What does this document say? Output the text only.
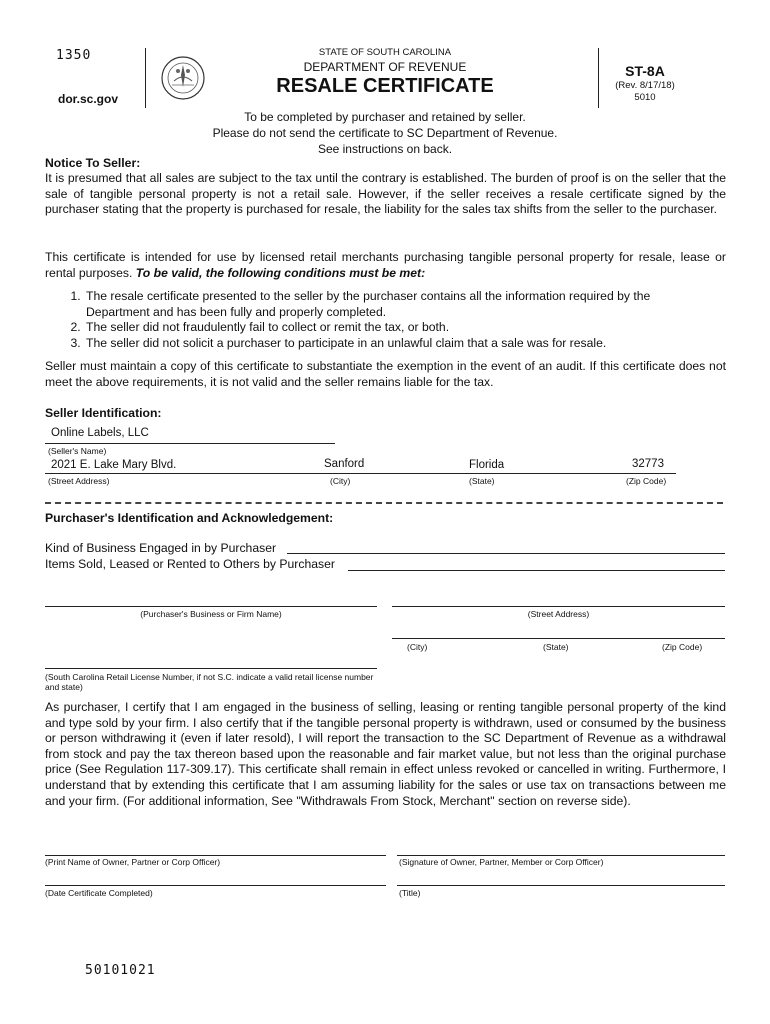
1350
dor.sc.gov
STATE OF SOUTH CAROLINA
DEPARTMENT OF REVENUE
RESALE CERTIFICATE
ST-8A
(Rev. 8/17/18)
5010
To be completed by purchaser and retained by seller.
Please do not send the certificate to SC Department of Revenue.
See instructions on back.
Notice To Seller:
It is presumed that all sales are subject to the tax until the contrary is established. The burden of proof is on the seller that the sale of tangible personal property is not a retail sale. However, if the seller receives a resale certificate signed by the purchaser stating that the property is purchased for resale, the liability for the sales tax shifts from the seller to the purchaser.
This certificate is intended for use by licensed retail merchants purchasing tangible personal property for resale, lease or rental purposes. To be valid, the following conditions must be met:
1. The resale certificate presented to the seller by the purchaser contains all the information required by the Department and has been fully and properly completed.
2. The seller did not fraudulently fail to collect or remit the tax, or both.
3. The seller did not solicit a purchaser to participate in an unlawful claim that a sale was for resale.
Seller must maintain a copy of this certificate to substantiate the exemption in the event of an audit. If this certificate does not meet the above requirements, it is not valid and the seller remains liable for the tax.
Seller Identification:
Online Labels, LLC
(Seller's Name)
2021 E. Lake Mary Blvd.	Sanford	Florida	32773
(Street Address)	(City)	(State)	(Zip Code)
Purchaser's Identification and Acknowledgement:
Kind of Business Engaged in by Purchaser
Items Sold, Leased or Rented to Others by Purchaser
(Purchaser's Business or Firm Name)	(Street Address)
(City)	(State)	(Zip Code)
(South Carolina Retail License Number, if not S.C. indicate a valid retail license number and state)
As purchaser, I certify that I am engaged in the business of selling, leasing or renting tangible personal property of the kind and type sold by your firm. I also certify that if the tangible personal property is withdrawn, used or consumed by the business or person withdrawing it (even if later resold), I will report the transaction to the SC Department of Revenue as a withdrawal from stock and pay the tax thereon based upon the reasonable and fair market value, but not less than the original purchase price (See Regulation 117-309.17). This certificate shall remain in effect unless revoked or cancelled in writing. Furthermore, I understand that by extending this certificate that I am assuming liability for the sales or use tax on transactions between me and your firm. (For additional information, See "Withdrawals From Stock, Merchant" section on reverse side).
(Print Name of Owner, Partner or Corp Officer)	(Signature of Owner, Partner, Member or Corp Officer)
(Date Certificate Completed)	(Title)
50101021
